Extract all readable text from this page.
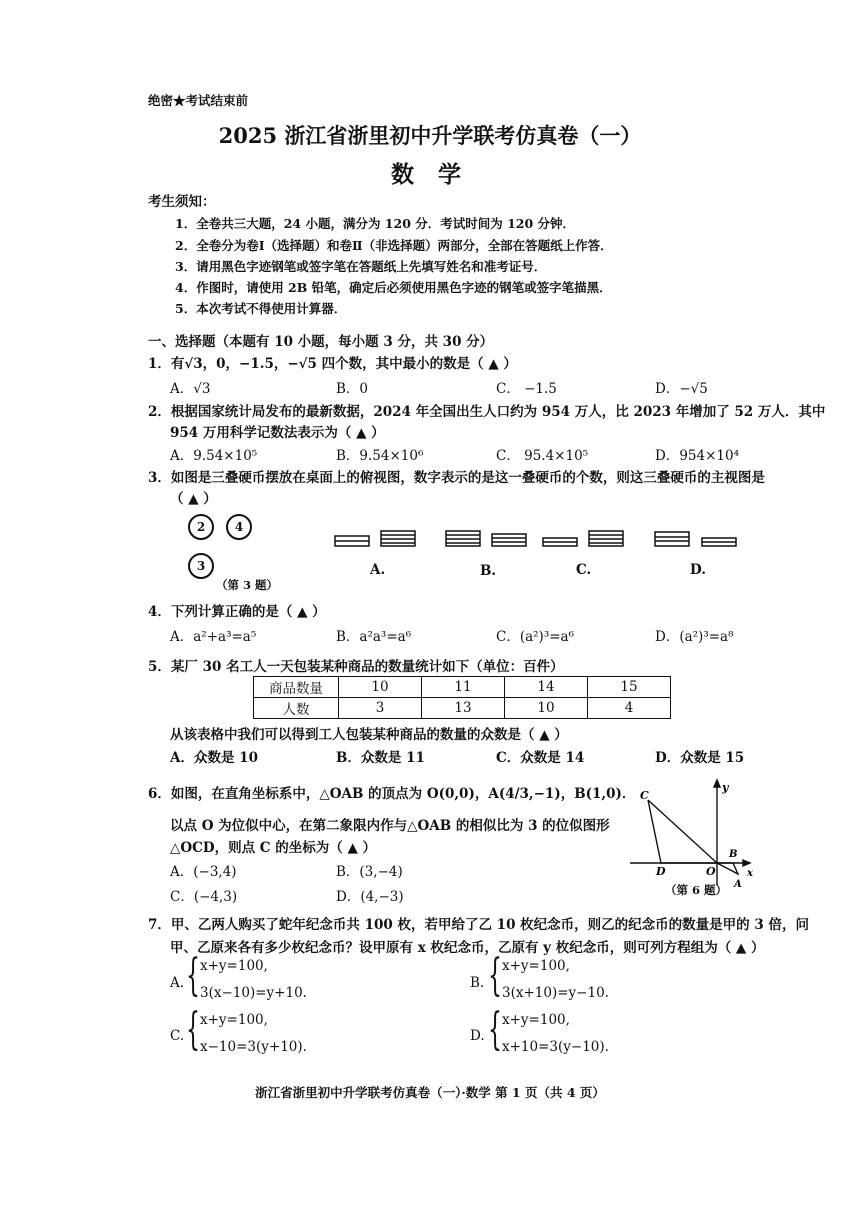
绝密★考试结束前
2025 浙江省浙里初中升学联考仿真卷（一）
数 学
考生须知：
1．全卷共三大题，24 小题，满分为 120 分．考试时间为 120 分钟．
2．全卷分为卷Ⅰ（选择题）和卷Ⅱ（非选择题）两部分，全部在答题纸上作答．
3．请用黑色字迹钢笔或签字笔在答题纸上先填写姓名和准考证号．
4．作图时，请使用 2B 铅笔，确定后必须使用黑色字迹的钢笔或签字笔描黑．
5．本次考试不得使用计算器．
一、选择题（本题有 10 小题，每小题 3 分，共 30 分）
1．有√3，0，−1.5，−√5 四个数，其中最小的数是（ ▲ ）
A．√3	B．0	C． −1.5	D．−√5
2．根据国家统计局发布的最新数据，2024 年全国出生人口约为 954 万人，比 2023 年增加了 52 万人．其中
954 万用科学记数法表示为（ ▲ ）
A．9.54×10⁵	B．9.54×10⁶	C． 95.4×10⁵	D．954×10⁴
3．如图是三叠硬币摆放在桌面上的俯视图，数字表示的是这一叠硬币的个数，则这三叠硬币的主视图是
（ ▲ ）
2	4
3
（第 3 题）
A.	B.	C.	D.
4．下列计算正确的是（ ▲ ）
A．a²+a³=a⁵	B．a²a³=a⁶	C．(a²)³=a⁶	D．(a²)³=a⁸
5．某厂 30 名工人一天包装某种商品的数量统计如下（单位：百件）
商品数量	10	11	14	15
人数	3	13	10	4
从该表格中我们可以得到工人包装某种商品的数量的众数是（ ▲ ）
A．众数是 10	B．众数是 11	C．众数是 14	D．众数是 15
6．如图，在直角坐标系中，△OAB 的顶点为 O(0,0)，A(4/3,−1)，B(1,0)．
以点 O 为位似中心，在第二象限内作与△OAB 的相似比为 3 的位似图形
△OCD，则点 C 的坐标为（ ▲ ）
A．(−3,4)	B．(3,−4)
C．(−4,3)	D．(4,−3)
C
y
B
D	O	x
A
（第 6 题）
7．甲、乙两人购买了蛇年纪念币共 100 枚，若甲给了乙 10 枚纪念币，则乙的纪念币的数量是甲的 3 倍，问
甲、乙原来各有多少枚纪念币？设甲原有 x 枚纪念币，乙原有 y 枚纪念币，则可列方程组为（ ▲ ）
A. { x+y=100,
3(x−10)=y+10.
B. { x+y=100,
3(x+10)=y−10.
C. { x+y=100,
x−10=3(y+10).
D. { x+y=100,
x+10=3(y−10).
浙江省浙里初中升学联考仿真卷（一）·数学 第 1 页（共 4 页）
